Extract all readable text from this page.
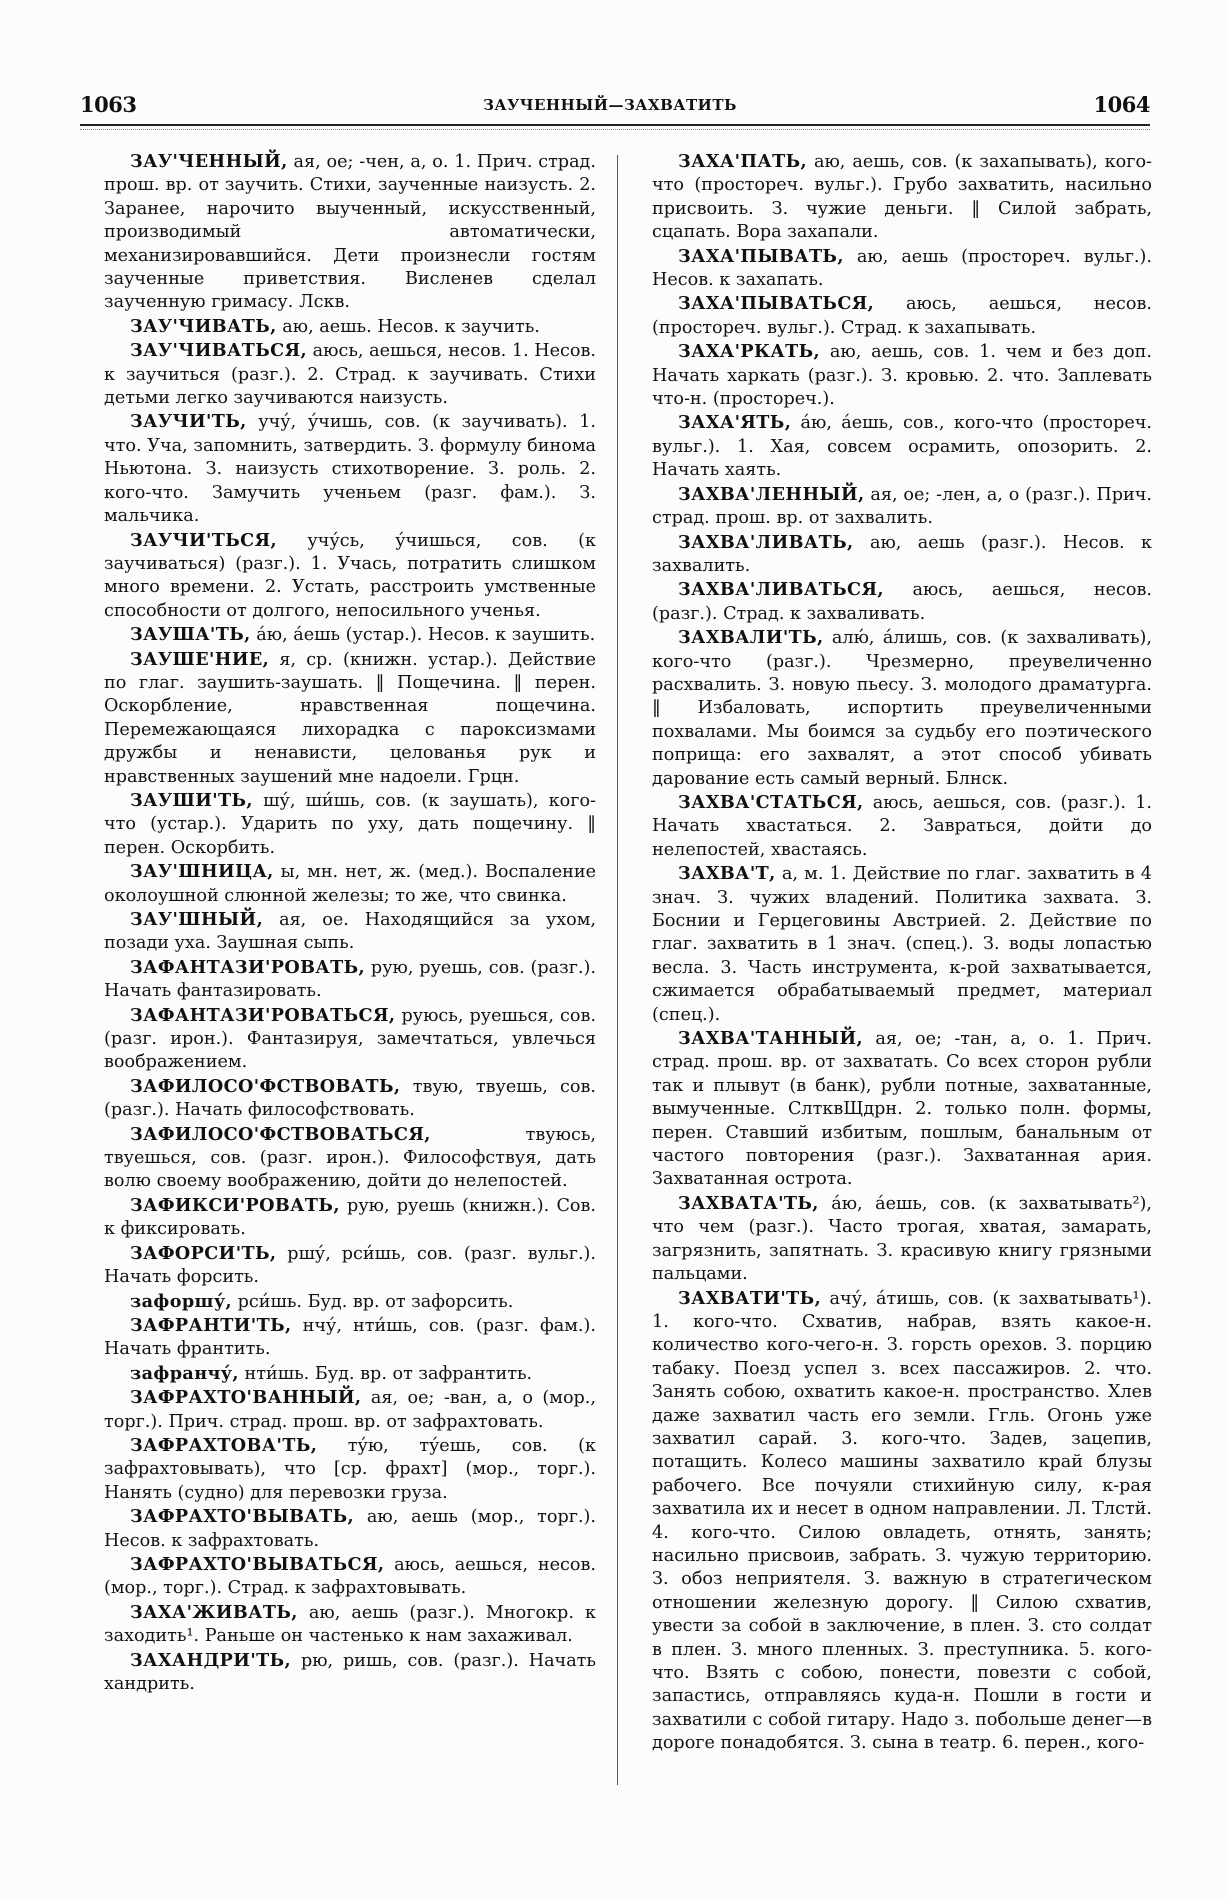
1063	ЗАУЧЕННЫЙ—ЗАХВАТИТЬ	1064

ЗАУ'ЧЕННЫЙ, ая, ое; -чен, а, о. 1. Прич. страд. прош. вр. от заучить. Стихи, заученные наизусть. 2. Заранее, нарочито выученный, искусственный, производимый автоматически, механизировавшийся. Дети произнесли гостям заученные приветствия. Висленев сделал заученную гримасу. Лскв.

ЗАУ'ЧИВАТЬ, аю, аешь. Несов. к заучить.

ЗАУ'ЧИВАТЬСЯ, аюсь, аешься, несов. 1. Несов. к заучиться (разг.). 2. Страд. к заучивать. Стихи детьми легко заучиваются наизусть.

ЗАУЧИ'ТЬ, учу́, у́чишь, сов. (к заучивать). 1. что. Уча, запомнить, затвердить. З. формулу бинома Ньютона. З. наизусть стихотворение. З. роль. 2. кого-что. Замучить ученьем (разг. фам.). З. мальчика.

ЗАУЧИ'ТЬСЯ, учу́сь, у́чишься, сов. (к заучиваться) (разг.). 1. Учась, потратить слишком много времени. 2. Устать, расстроить умственные способности от долгого, непосильного ученья.

ЗАУША'ТЬ, а́ю, а́ешь (устар.). Несов. к заушить.

ЗАУШЕ'НИЕ, я, ср. (книжн. устар.). Действие по глаг. заушить-заушать. ‖ Пощечина. ‖ перен. Оскорбление, нравственная пощечина. Перемежающаяся лихорадка с пароксизмами дружбы и ненависти, целованья рук и нравственных заушений мне надоели. Грцн.

ЗАУШИ'ТЬ, шу́, ши́шь, сов. (к заушать), кого-что (устар.). Ударить по уху, дать пощечину. ‖ перен. Оскорбить.

ЗАУ'ШНИЦА, ы, мн. нет, ж. (мед.). Воспаление околоушной слюнной железы; то же, что свинка.

ЗАУ'ШНЫЙ, ая, ое. Находящийся за ухом, позади уха. Заушная сыпь.

ЗАФАНТАЗИ'РОВАТЬ, рую, руешь, сов. (разг.). Начать фантазировать.

ЗАФАНТАЗИ'РОВАТЬСЯ, руюсь, руешься, сов. (разг. ирон.). Фантазируя, замечтаться, увлечься воображением.

ЗАФИЛОСО'ФСТВОВАТЬ, твую, твуешь, сов. (разг.). Начать философствовать.

ЗАФИЛОСО'ФСТВОВАТЬСЯ, твуюсь, твуешься, сов. (разг. ирон.). Философствуя, дать волю своему воображению, дойти до нелепостей.

ЗАФИКСИ'РОВАТЬ, рую, руешь (книжн.). Сов. к фиксировать.

ЗАФОРСИ'ТЬ, ршу́, рси́шь, сов. (разг. вульг.). Начать форсить.

зафоршу́, рси́шь. Буд. вр. от зафорсить.

ЗАФРАНТИ'ТЬ, нчу́, нти́шь, сов. (разг. фам.). Начать франтить.

зафранчу́, нти́шь. Буд. вр. от зафрантить.

ЗАФРАХТО'ВАННЫЙ, ая, ое; -ван, а, о (мор., торг.). Прич. страд. прош. вр. от зафрахтовать.

ЗАФРАХТОВА'ТЬ, ту́ю, ту́ешь, сов. (к зафрахтовывать), что [ср. фрахт] (мор., торг.). Нанять (судно) для перевозки груза.

ЗАФРАХТО'ВЫВАТЬ, аю, аешь (мор., торг.). Несов. к зафрахтовать.

ЗАФРАХТО'ВЫВАТЬСЯ, аюсь, аешься, несов. (мор., торг.). Страд. к зафрахтовывать.

ЗАХА'ЖИВАТЬ, аю, аешь (разг.). Многокр. к заходить¹. Раньше он частенько к нам захаживал.

ЗАХАНДРИ'ТЬ, рю, ришь, сов. (разг.). Начать хандрить.

ЗАХА'ПАТЬ, аю, аешь, сов. (к захапывать), кого-что (простореч. вульг.). Грубо захватить, насильно присвоить. З. чужие деньги. ‖ Силой забрать, сцапать. Вора захапали.

ЗАХА'ПЫВАТЬ, аю, аешь (простореч. вульг.). Несов. к захапать.

ЗАХА'ПЫВАТЬСЯ, аюсь, аешься, несов. (простореч. вульг.). Страд. к захапывать.

ЗАХА'РКАТЬ, аю, аешь, сов. 1. чем и без доп. Начать харкать (разг.). З. кровью. 2. что. Заплевать что-н. (простореч.).

ЗАХА'ЯТЬ, а́ю, а́ешь, сов., кого-что (простореч. вульг.). 1. Хая, совсем осрамить, опозорить. 2. Начать хаять.

ЗАХВА'ЛЕННЫЙ, ая, ое; -лен, а, о (разг.). Прич. страд. прош. вр. от захвалить.

ЗАХВА'ЛИВАТЬ, аю, аешь (разг.). Несов. к захвалить.

ЗАХВА'ЛИВАТЬСЯ, аюсь, аешься, несов. (разг.). Страд. к захваливать.

ЗАХВАЛИ'ТЬ, алю́, а́лишь, сов. (к захваливать), кого-что (разг.). Чрезмерно, преувеличенно расхвалить. З. новую пьесу. З. молодого драматурга. ‖ Избаловать, испортить преувеличенными похвалами. Мы боимся за судьбу его поэтического поприща: его захвалят, а этот способ убивать дарование есть самый верный. Блнск.

ЗАХВА'СТАТЬСЯ, аюсь, аешься, сов. (разг.). 1. Начать хвастаться. 2. Завраться, дойти до нелепостей, хвастаясь.

ЗАХВА'Т, а, м. 1. Действие по глаг. захватить в 4 знач. З. чужих владений. Политика захвата. З. Боснии и Герцеговины Австрией. 2. Действие по глаг. захватить в 1 знач. (спец.). З. воды лопастью весла. 3. Часть инструмента, к-рой захватывается, сжимается обрабатываемый предмет, материал (спец.).

ЗАХВА'ТАННЫЙ, ая, ое; -тан, а, о. 1. Прич. страд. прош. вр. от захватать. Со всех сторон рубли так и плывут (в банк), рубли потные, захватанные, вымученные. СлтквЩдрн. 2. только полн. формы, перен. Ставший избитым, пошлым, банальным от частого повторения (разг.). Захватанная ария. Захватанная острота.

ЗАХВАТА'ТЬ, а́ю, а́ешь, сов. (к захватывать²), что чем (разг.). Часто трогая, хватая, замарать, загрязнить, запятнать. З. красивую книгу грязными пальцами.

ЗАХВАТИ'ТЬ, ачу́, а́тишь, сов. (к захватывать¹). 1. кого-что. Схватив, набрав, взять какое-н. количество кого-чего-н. З. горсть орехов. З. порцию табаку. Поезд успел з. всех пассажиров. 2. что. Занять собою, охватить какое-н. пространство. Хлев даже захватил часть его земли. Ггль. Огонь уже захватил сарай. 3. кого-что. Задев, зацепив, потащить. Колесо машины захватило край блузы рабочего. Все почуяли стихийную силу, к-рая захватила их и несет в одном направлении. Л. Тлстй. 4. кого-что. Силою овладеть, отнять, занять; насильно присвоив, забрать. З. чужую территорию. З. обоз неприятеля. З. важную в стратегическом отношении железную дорогу. ‖ Силою схватив, увести за собой в заключение, в плен. З. сто солдат в плен. З. много пленных. З. преступника. 5. кого-что. Взять с собою, понести, повезти с собой, запастись, отправляясь куда-н. Пошли в гости и захватили с собой гитару. Надо з. побольше денег—в дороге понадобятся. З. сына в театр. 6. перен., кого-
